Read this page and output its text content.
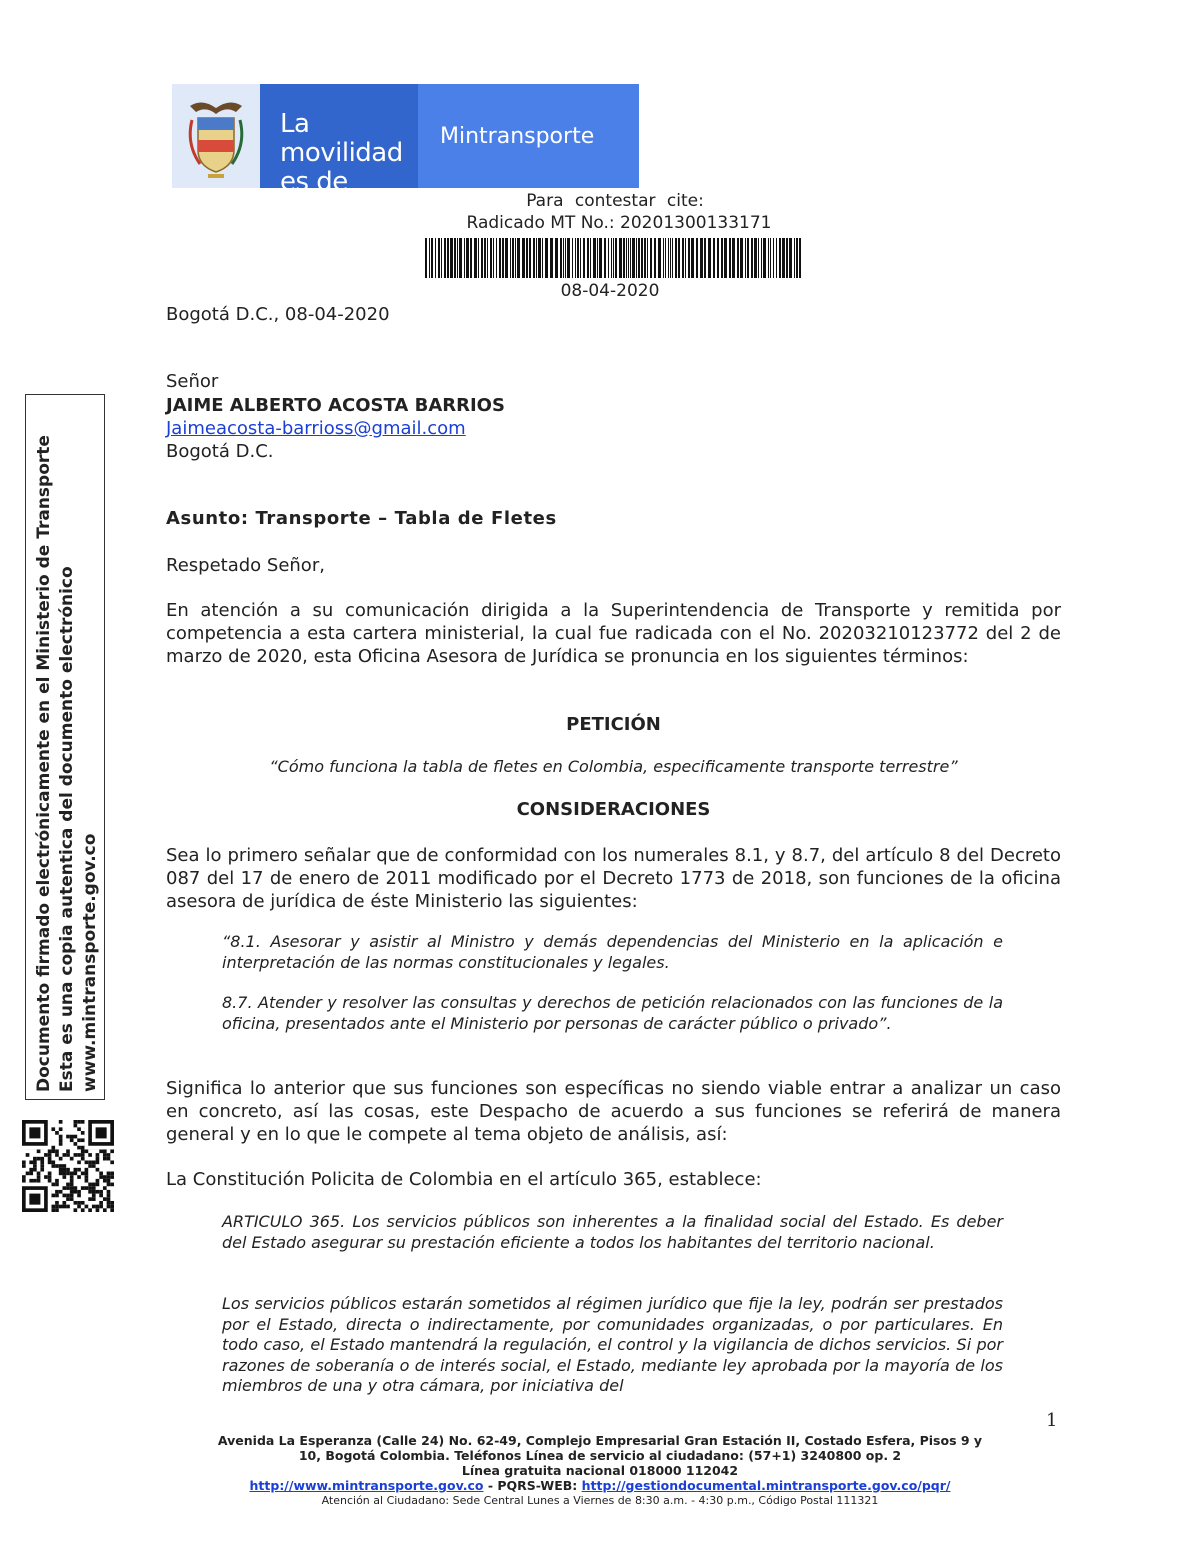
La movilidad
es de todos
Mintransporte
Para contestar cite:
Radicado MT No.: 20201300133171
08-04-2020
Bogotá D.C., 08-04-2020
Señor
JAIME ALBERTO ACOSTA BARRIOS
Jaimeacosta-barrioss@gmail.com
Bogotá D.C.
Asunto: Transporte – Tabla de Fletes
Respetado Señor,
En atención a su comunicación dirigida a la Superintendencia de Transporte y remitida por competencia a esta cartera ministerial, la cual fue radicada con el No. 20203210123772 del 2 de marzo de 2020, esta Oficina Asesora de Jurídica se pronuncia en los siguientes términos:
PETICIÓN
“Cómo funciona la tabla de fletes en Colombia, especificamente transporte terrestre”
CONSIDERACIONES
Sea lo primero señalar que de conformidad con los numerales 8.1, y 8.7, del artículo 8 del Decreto 087 del 17 de enero de 2011 modificado por el Decreto 1773 de 2018, son funciones de la oficina asesora de jurídica de éste Ministerio las siguientes:
“8.1. Asesorar y asistir al Ministro y demás dependencias del Ministerio en la aplicación e interpretación de las normas constitucionales y legales.
8.7. Atender y resolver las consultas y derechos de petición relacionados con las funciones de la oficina, presentados ante el Ministerio por personas de carácter público o privado”.
Significa lo anterior que sus funciones son específicas no siendo viable entrar a analizar un caso en concreto, así las cosas, este Despacho de acuerdo a sus funciones se referirá de manera general y en lo que le compete al tema objeto de análisis, así:
La Constitución Policita de Colombia en el artículo 365, establece:
ARTICULO 365. Los servicios públicos son inherentes a la finalidad social del Estado. Es deber del Estado asegurar su prestación eficiente a todos los habitantes del territorio nacional.
Los servicios públicos estarán sometidos al régimen jurídico que fije la ley, podrán ser prestados por el Estado, directa o indirectamente, por comunidades organizadas, o por particulares. En todo caso, el Estado mantendrá la regulación, el control y la vigilancia de dichos servicios. Si por razones de soberanía o de interés social, el Estado, mediante ley aprobada por la mayoría de los miembros de una y otra cámara, por iniciativa del
Documento firmado electrónicamente en el Ministerio de Transporte Esta es una copia autentica del documento electrónico www.mintransporte.gov.co
1
Avenida La Esperanza (Calle 24) No. 62-49, Complejo Empresarial Gran Estación II, Costado Esfera, Pisos 9 y
10, Bogotá Colombia. Teléfonos Línea de servicio al ciudadano: (57+1) 3240800 op. 2
Línea gratuita nacional 018000 112042
http://www.mintransporte.gov.co - PQRS-WEB: http://gestiondocumental.mintransporte.gov.co/pqr/
Atención al Ciudadano: Sede Central Lunes a Viernes de 8:30 a.m. - 4:30 p.m., Código Postal 111321
